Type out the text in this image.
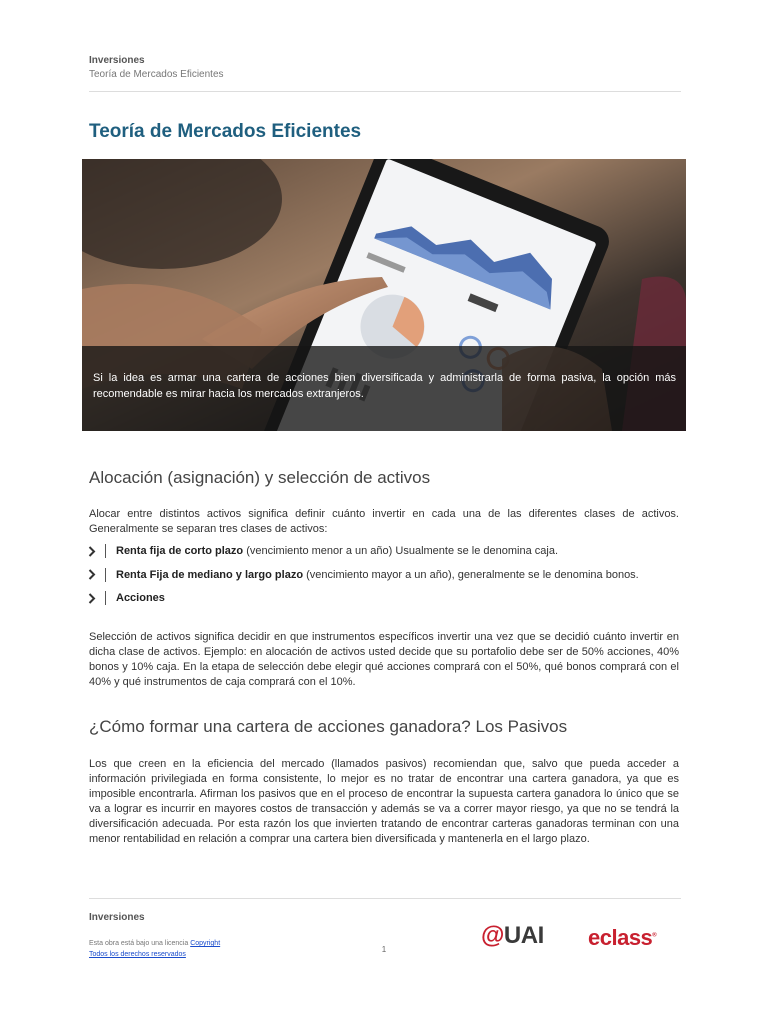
Inversiones
Teoría de Mercados Eficientes
Teoría de Mercados Eficientes

Si la idea es armar una cartera de acciones bien diversificada y administrarla de forma pasiva, la opción más recomendable es mirar hacia los mercados extranjeros.

Alocación (asignación) y selección de activos

Alocar entre distintos activos significa definir cuánto invertir en cada una de las diferentes clases de activos. Generalmente se separan tres clases de activos:

Renta fija de corto plazo (vencimiento menor a un año) Usualmente se le denomina caja.
Renta Fija de mediano y largo plazo (vencimiento mayor a un año), generalmente se le denomina bonos.
Acciones

Selección de activos significa decidir en que instrumentos específicos invertir una vez que se decidió cuánto invertir en dicha clase de activos. Ejemplo: en alocación de activos usted decide que su portafolio debe ser de 50% acciones, 40% bonos y 10% caja. En la etapa de selección debe elegir qué acciones comprará con el 50%, qué bonos comprará con el 40% y qué instrumentos de caja comprará con el 10%.

¿Cómo formar una cartera de acciones ganadora? Los Pasivos

Los que creen en la eficiencia del mercado (llamados pasivos) recomiendan que, salvo que pueda acceder a información privilegiada en forma consistente, lo mejor es no tratar de encontrar una cartera ganadora, ya que es imposible encontrarla. Afirman los pasivos que en el proceso de encontrar la supuesta cartera ganadora lo único que se va a lograr es incurrir en mayores costos de transacción y además se va a correr mayor riesgo, ya que no se tendrá la diversificación adecuada. Por esta razón los que invierten tratando de encontrar carteras ganadoras terminan con una menor rentabilidad en relación a comprar una cartera bien diversificada y mantenerla en el largo plazo.

Inversiones
Esta obra está bajo una licencia Copyright
Todos los derechos reservados
@UAI eclass®
1
